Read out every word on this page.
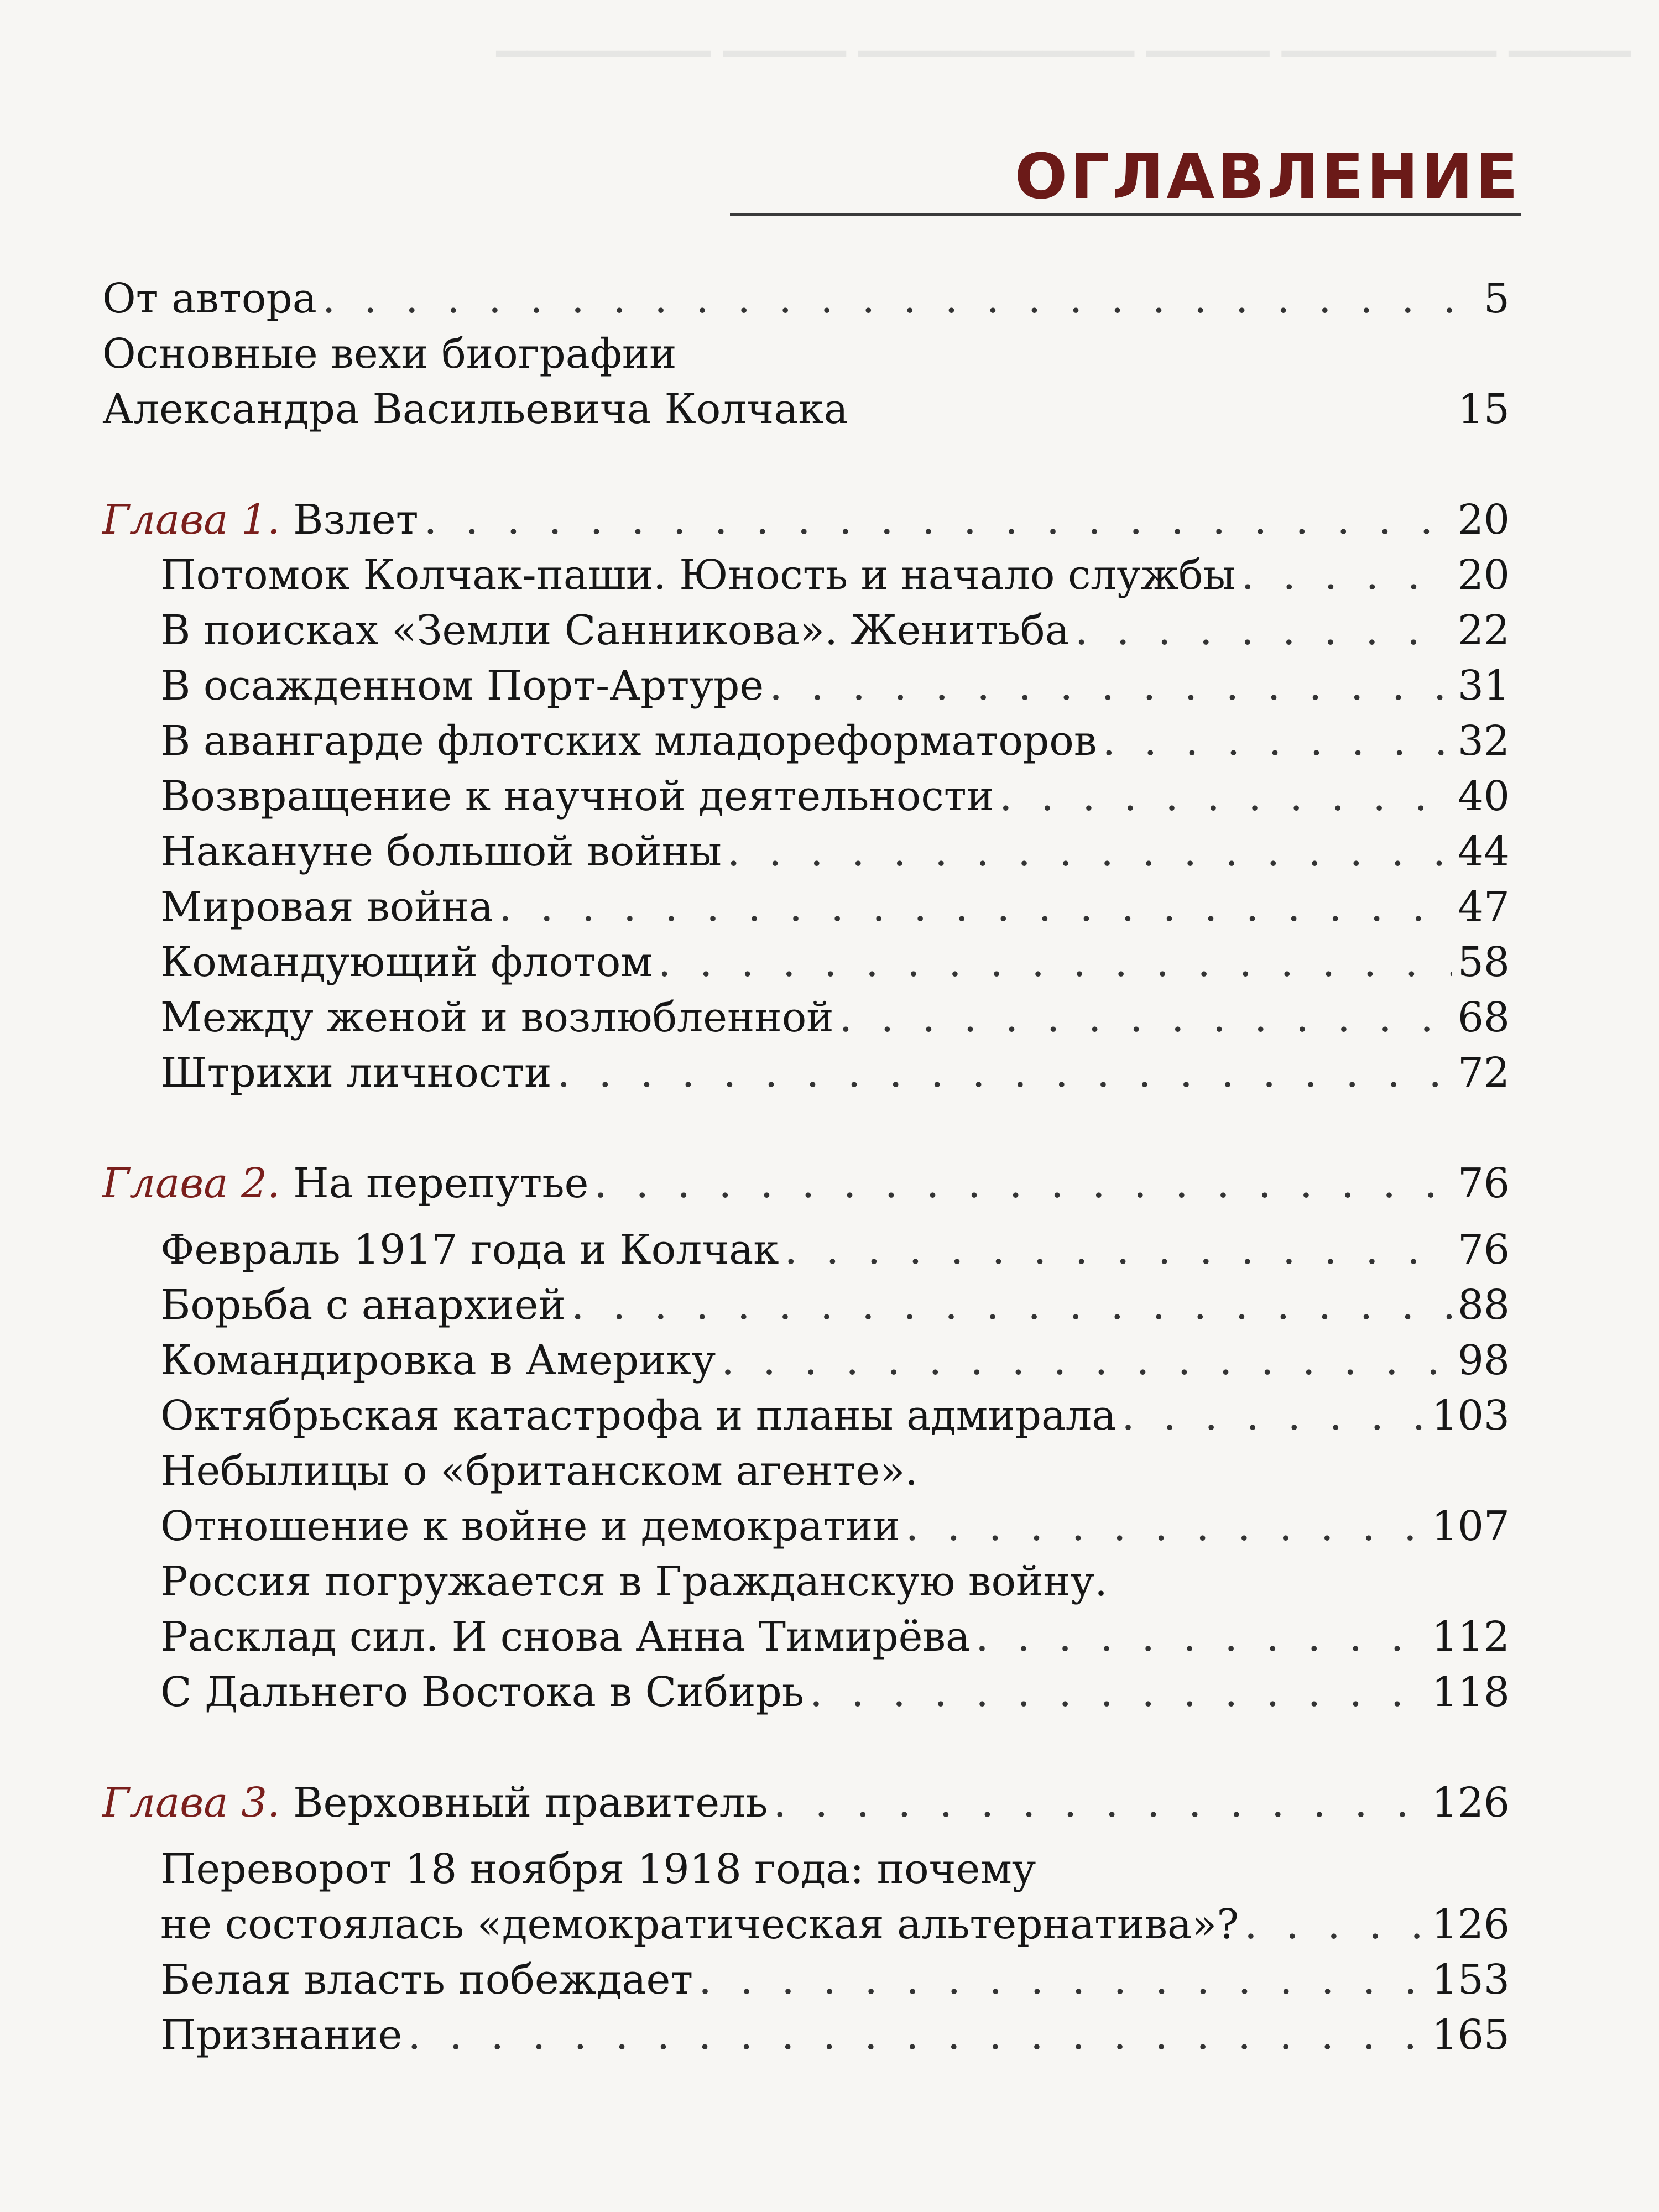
▁▁▁▁ ▁▁▁▁▁▁▁ ▁▁▁▁ ▁▁▁▁▁▁▁▁▁ ▁▁▁▁ ▁▁▁▁▁▁▁
ОГЛАВЛЕНИЕ
От автора . . .	5
Основные вехи биографии
Александра Васильевича Колчака	15
Глава 1. Взлет . . .	20
Потомок Колчак-паши. Юность и начало службы . . .	20
В поисках «Земли Санникова». Женитьба . . .	22
В осажденном Порт-Артуре . . .	31
В авангарде флотских младореформаторов . . .	32
Возвращение к научной деятельности . . .	40
Накануне большой войны . . .	44
Мировая война . . .	47
Командующий флотом . . .	58
Между женой и возлюбленной . . .	68
Штрихи личности . . .	72
Глава 2. На перепутье . . .	76
Февраль 1917 года и Колчак . . .	76
Борьба с анархией . . .	88
Командировка в Америку . . .	98
Октябрьская катастрофа и планы адмирала . . .	103
Небылицы о «британском агенте».
Отношение к войне и демократии . . .	107
Россия погружается в Гражданскую войну.
Расклад сил. И снова Анна Тимирёва . . .	112
С Дальнего Востока в Сибирь . . .	118
Глава 3. Верховный правитель . . .	126
Переворот 18 ноября 1918 года: почему
не состоялась «демократическая альтернатива»? . . .	126
Белая власть побеждает . . .	153
Признание . . .	165
